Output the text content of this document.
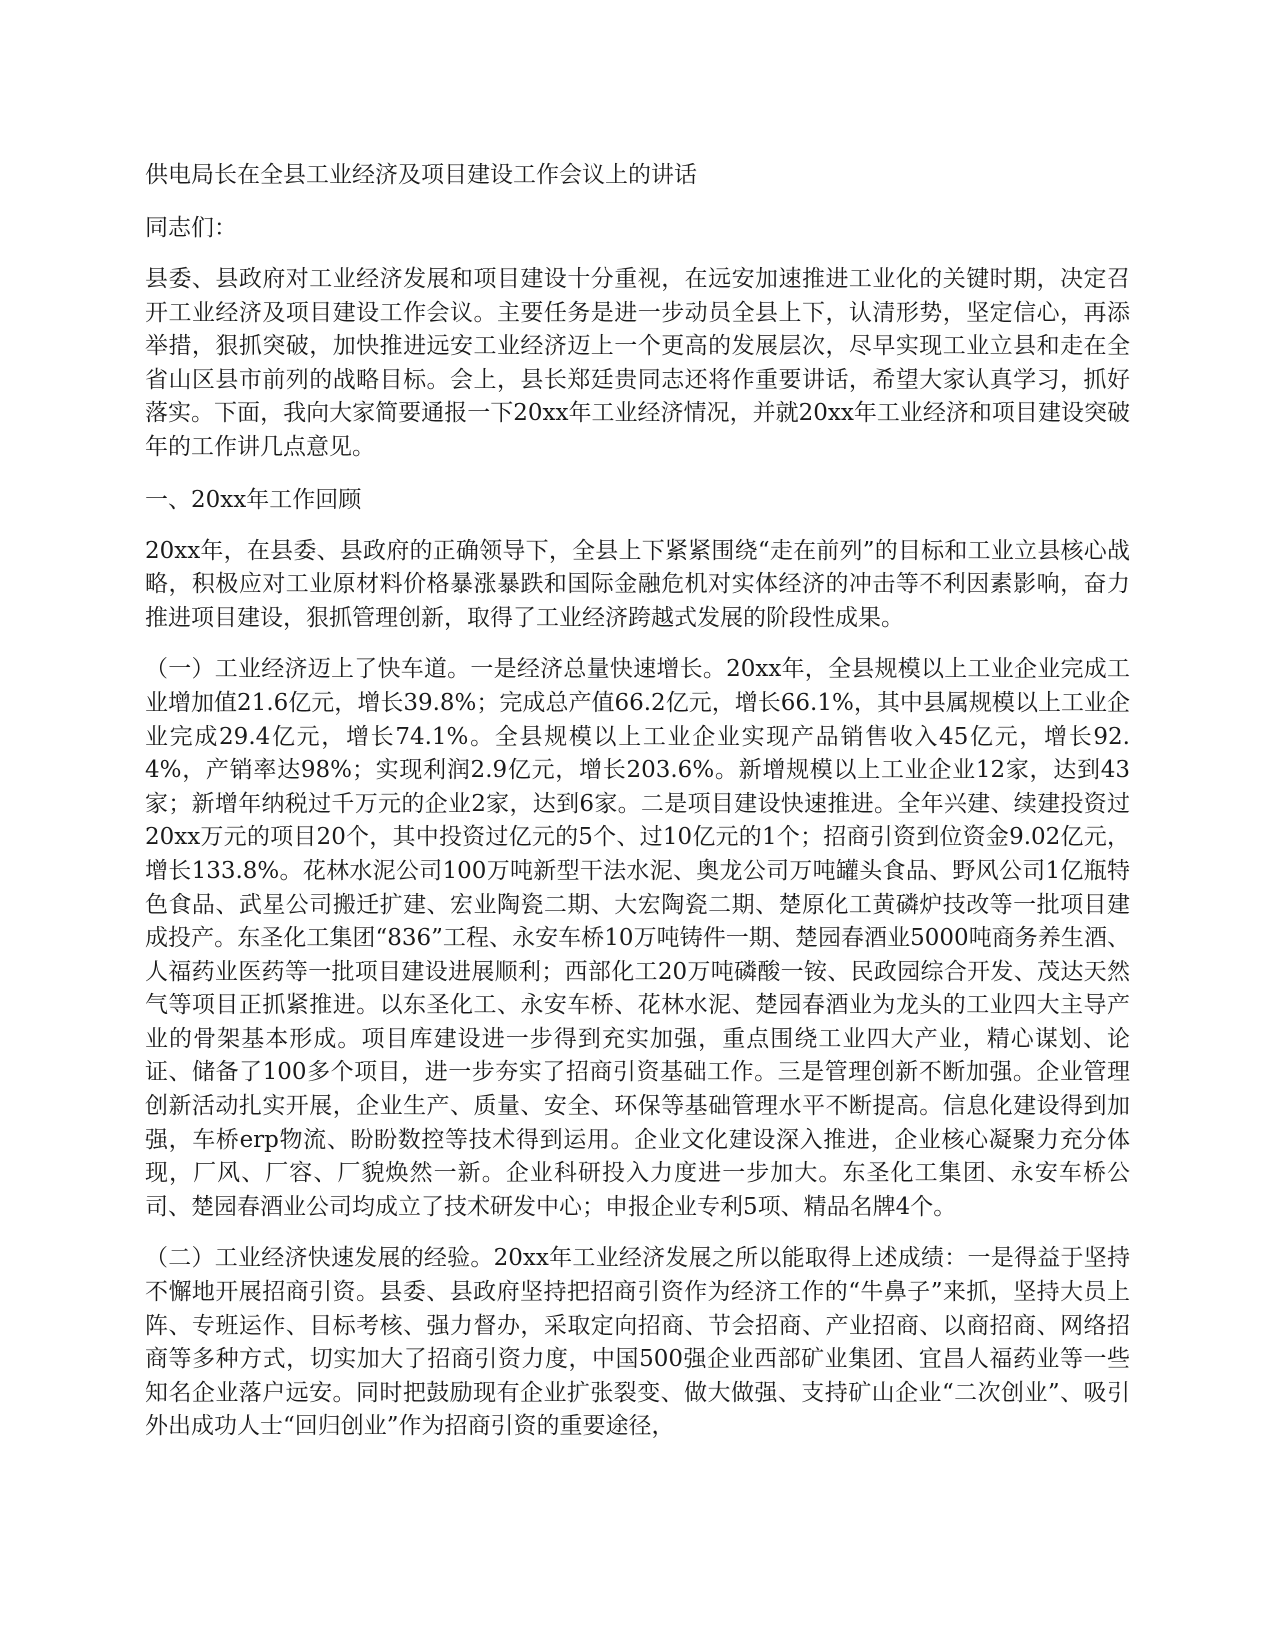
供电局长在全县工业经济及项目建设工作会议上的讲话
同志们：
县委、县政府对工业经济发展和项目建设十分重视，在远安加速推进工业化的关键时期，决定召开工业经济及项目建设工作会议。主要任务是进一步动员全县上下，认清形势，坚定信心，再添举措，狠抓突破，加快推进远安工业经济迈上一个更高的发展层次，尽早实现工业立县和走在全省山区县市前列的战略目标。会上，县长郑廷贵同志还将作重要讲话，希望大家认真学习，抓好落实。下面，我向大家简要通报一下20xx年工业经济情况，并就20xx年工业经济和项目建设突破年的工作讲几点意见。
一、20xx年工作回顾
20xx年，在县委、县政府的正确领导下，全县上下紧紧围绕“走在前列”的目标和工业立县核心战略，积极应对工业原材料价格暴涨暴跌和国际金融危机对实体经济的冲击等不利因素影响，奋力推进项目建设，狠抓管理创新，取得了工业经济跨越式发展的阶段性成果。
（一）工业经济迈上了快车道。一是经济总量快速增长。20xx年，全县规模以上工业企业完成工业增加值21.6亿元，增长39.8%；完成总产值66.2亿元，增长66.1%，其中县属规模以上工业企业完成29.4亿元，增长74.1%。全县规模以上工业企业实现产品销售收入45亿元，增长92.4%，产销率达98%；实现利润2.9亿元，增长203.6%。新增规模以上工业企业12家，达到43家；新增年纳税过千万元的企业2家，达到6家。二是项目建设快速推进。全年兴建、续建投资过20xx万元的项目20个，其中投资过亿元的5个、过10亿元的1个；招商引资到位资金9.02亿元，增长133.8%。花林水泥公司100万吨新型干法水泥、奥龙公司万吨罐头食品、野风公司1亿瓶特色食品、武星公司搬迁扩建、宏业陶瓷二期、大宏陶瓷二期、楚原化工黄磷炉技改等一批项目建成投产。东圣化工集团“836”工程、永安车桥10万吨铸件一期、楚园春酒业5000吨商务养生酒、人福药业医药等一批项目建设进展顺利；西部化工20万吨磷酸一铵、民政园综合开发、茂达天然气等项目正抓紧推进。以东圣化工、永安车桥、花林水泥、楚园春酒业为龙头的工业四大主导产业的骨架基本形成。项目库建设进一步得到充实加强，重点围绕工业四大产业，精心谋划、论证、储备了100多个项目，进一步夯实了招商引资基础工作。三是管理创新不断加强。企业管理创新活动扎实开展，企业生产、质量、安全、环保等基础管理水平不断提高。信息化建设得到加强，车桥erp物流、盼盼数控等技术得到运用。企业文化建设深入推进，企业核心凝聚力充分体现，厂风、厂容、厂貌焕然一新。企业科研投入力度进一步加大。东圣化工集团、永安车桥公司、楚园春酒业公司均成立了技术研发中心；申报企业专利5项、精品名牌4个。
（二）工业经济快速发展的经验。20xx年工业经济发展之所以能取得上述成绩：一是得益于坚持不懈地开展招商引资。县委、县政府坚持把招商引资作为经济工作的“牛鼻子”来抓，坚持大员上阵、专班运作、目标考核、强力督办，采取定向招商、节会招商、产业招商、以商招商、网络招商等多种方式，切实加大了招商引资力度，中国500强企业西部矿业集团、宜昌人福药业等一些知名企业落户远安。同时把鼓励现有企业扩张裂变、做大做强、支持矿山企业“二次创业”、吸引外出成功人士“回归创业”作为招商引资的重要途径，
